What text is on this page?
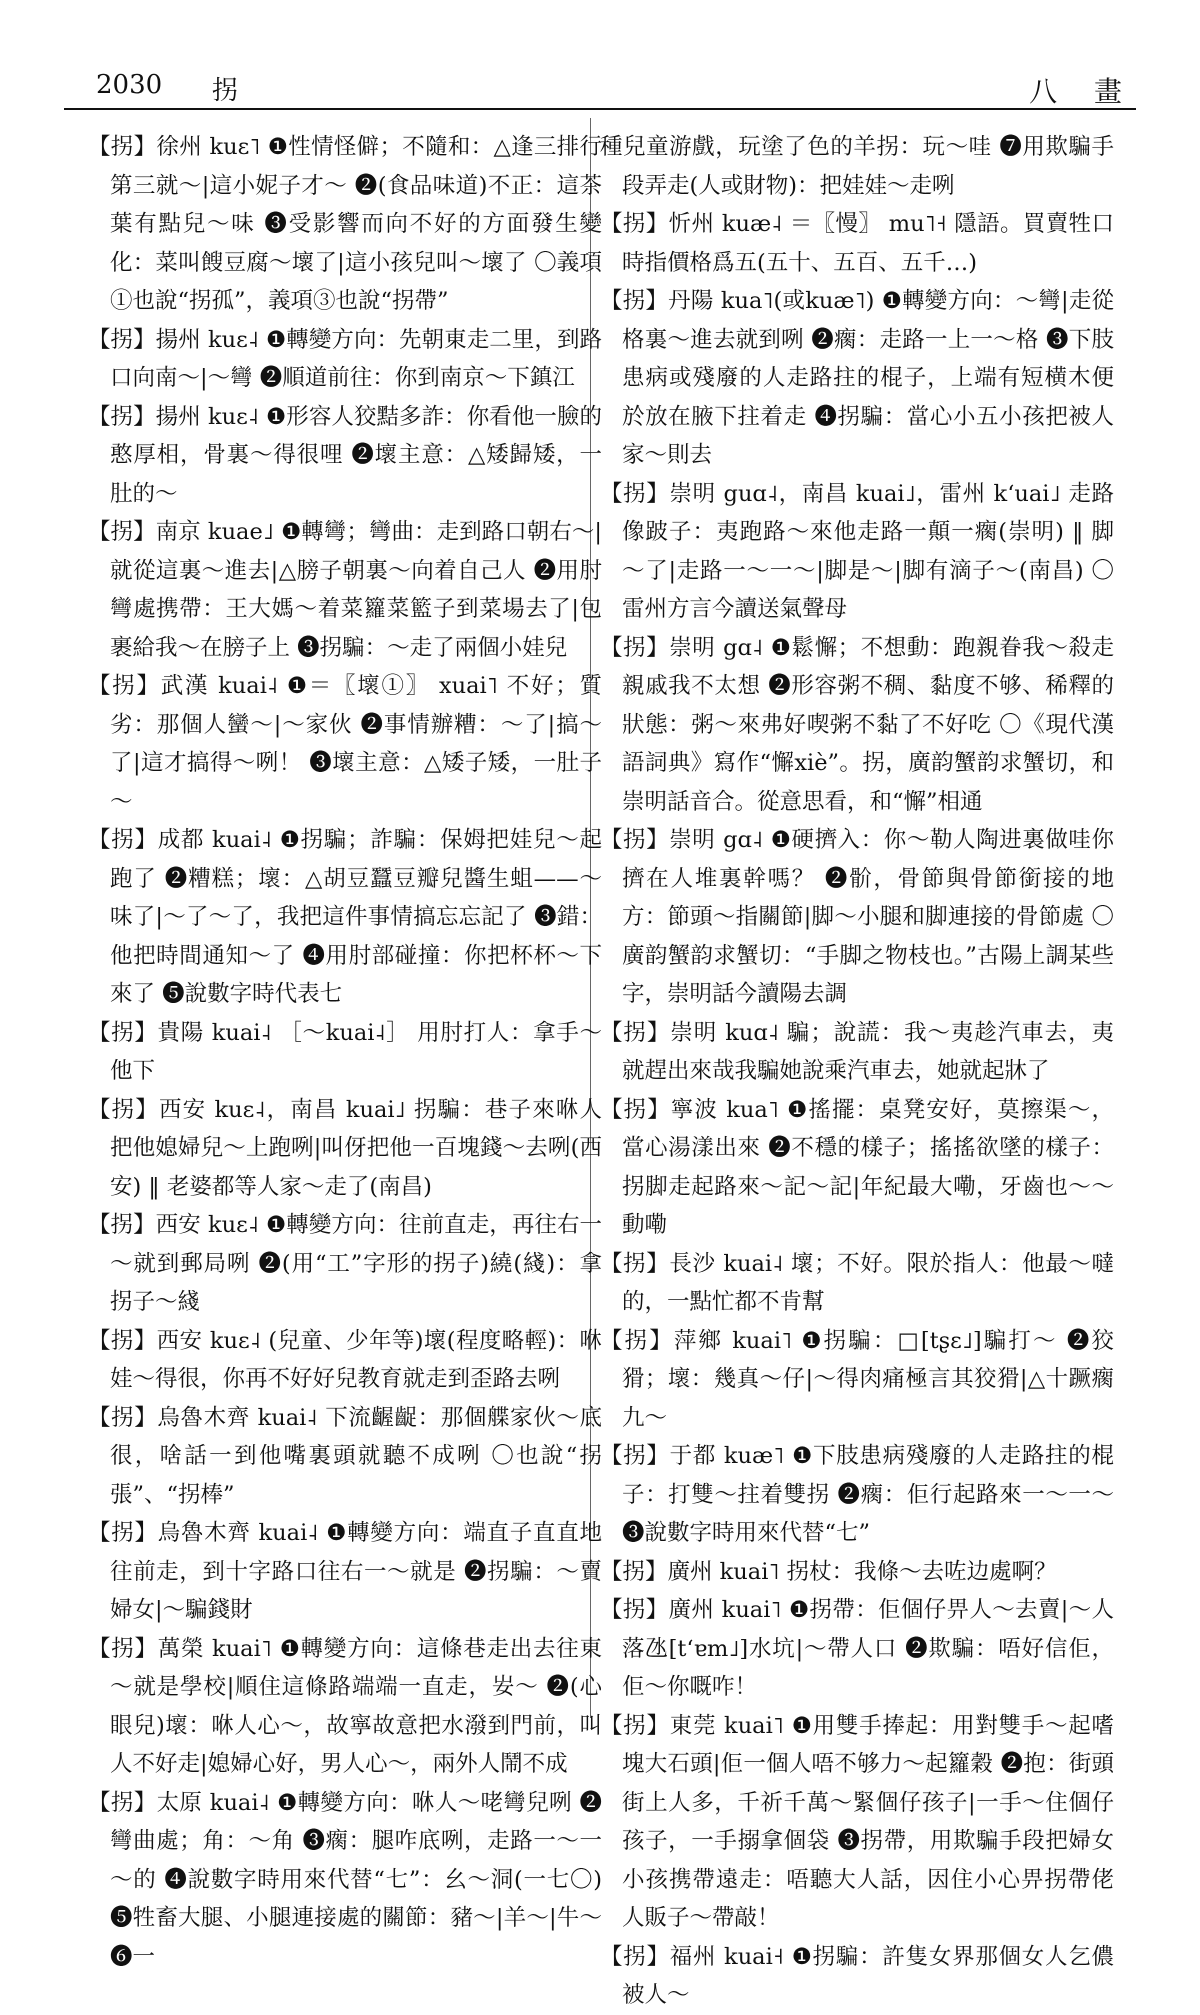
2030 拐	八 畫
【拐】徐州 kuɛ˥ ❶性情怪僻；不隨和：△逢三排行第三就～|這小妮子才～ ❷(食品味道)不正：這茶葉有點兒～味 ❸受影響而向不好的方面發生變化：菜叫餿豆腐～壞了|這小孩兒叫～壞了 〇義項①也說“拐孤”，義項③也說“拐帶”
【拐】揚州 kuɛ˨ ❶轉變方向：先朝東走二里，到路口向南～|～彎 ❷順道前往：你到南京～下鎮江
【拐】揚州 kuɛ˨ ❶形容人狡黠多詐：你看他一臉的憨厚相，骨裏～得很哩 ❷壞主意：△矮歸矮，一肚的～
【拐】南京 kuae˩ ❶轉彎；彎曲：走到路口朝右～|就從這裏～進去|△膀子朝裏～向着自己人 ❷用肘彎處携帶：王大媽～着菜籮菜籃子到菜場去了|包裹給我～在膀子上 ❸拐騙：～走了兩個小娃兒
【拐】武漢 kuai˨ ❶＝〖壞①〗 xuai˥ 不好；質劣：那個人蠻～|～家伙 ❷事情辦糟：～了|搞～了|這才搞得～咧！ ❸壞主意：△矮子矮，一肚子～
【拐】成都 kuai˨ ❶拐騙；詐騙：保姆把娃兒～起跑了 ❷糟糕；壞：△胡豆蠶豆瓣兒醬生蛆——～味了|～了～了，我把這件事情搞忘忘記了 ❸錯：他把時間通知～了 ❹用肘部碰撞：你把杯杯～下來了 ❺說數字時代表七
【拐】貴陽 kuai˨ ［～kuai˨］ 用肘打人：拿手～他下
【拐】西安 kuɛ˨，南昌 kuai˩ 拐騙：巷子來咻人把他媳婦兒～上跑咧|叫伢把他一百塊錢～去咧(西安) ‖ 老婆都等人家～走了(南昌)
【拐】西安 kuɛ˨ ❶轉變方向：往前直走，再往右一～就到郵局咧 ❷(用“工”字形的拐子)繞(綫)：拿拐子～綫
【拐】西安 kuɛ˨ (兒童、少年等)壞(程度略輕)：咻娃～得很，你再不好好兒教育就走到歪路去咧
【拐】烏魯木齊 kuai˨ 下流齷齪：那個艓家伙～底很，啥話一到他嘴裏頭就聽不成咧 〇也說“拐張”、“拐棒”
【拐】烏魯木齊 kuai˨ ❶轉變方向：端直子直直地往前走，到十字路口往右一～就是 ❷拐騙：～賣婦女|～騙錢財
【拐】萬榮 kuai˥ ❶轉變方向：這條巷走出去往東～就是學校|順住這條路端端一直走，𡚴～ ❷(心眼兒)壞：咻人心～，故寧故意把水潑到門前，叫人不好走|媳婦心好，男人心～，兩外人鬧不成
【拐】太原 kuai˨ ❶轉變方向：咻人～咾彎兒咧 ❷彎曲處；角：～角 ❸瘸：腿咋底咧，走路一～一～的 ❹說數字時用來代替“七”：幺～洞(一七〇) ❺牲畜大腿、小腿連接處的關節：豬～|羊～|牛～ ❻一
種兒童游戲，玩塗了色的羊拐：玩～哇 ❼用欺騙手段弄走(人或財物)：把娃娃～走咧
【拐】忻州 kuæ˨ ＝〖慢〗 mu˥˧ 隱語。買賣牲口時指價格爲五(五十、五百、五千…)
【拐】丹陽 kua˥(或kuæ˥) ❶轉變方向：～彎|走從格裏～進去就到咧 ❷瘸：走路一上一～格 ❸下肢患病或殘廢的人走路拄的棍子，上端有短横木便於放在腋下拄着走 ❹拐騙：當心小五小孩把被人家～則去
【拐】崇明 guɑ˨，南昌 kuai˩，雷州 kʻuai˩ 走路像跛子：夷跑路～來他走路一顛一瘸(崇明) ‖ 脚～了|走路一～一～|脚是～|脚有滴子～(南昌) 〇雷州方言今讀送氣聲母
【拐】崇明 gɑ˨ ❶鬆懈；不想動：跑親眷我～殺走親戚我不太想 ❷形容粥不稠、黏度不够、稀釋的狀態：粥～來弗好喫粥不黏了不好吃 〇《現代漢語詞典》寫作“懈xiè”。拐，廣韵蟹韵求蟹切，和崇明話音合。從意思看，和“懈”相通
【拐】崇明 gɑ˨ ❶硬擠入：你～勒人陶进裏做哇你擠在人堆裏幹嗎？ ❷骱，骨節與骨節銜接的地方：節頭～指關節|脚～小腿和脚連接的骨節處 〇廣韵蟹韵求蟹切：“手脚之物枝也。”古陽上調某些字，崇明話今讀陽去調
【拐】崇明 kuɑ˨ 騙；說謊：我～夷趁汽車去，夷就趕出來哉我騙她說乘汽車去，她就起牀了
【拐】寧波 kua˥ ❶搖擺：桌凳安好，莫擦渠～，當心湯漾出來 ❷不穩的樣子；搖搖欲墜的樣子：拐脚走起路來～記～記|年紀最大嘞，牙齒也～～動嘞
【拐】長沙 kuai˨ 壞；不好。限於指人：他最～噠的，一點忙都不肯幫
【拐】萍鄉 kuai˥ ❶拐騙：□[tʂɛ˩]騙打～ ❷狡猾；壞：幾真～仔|～得肉痛極言其狡猾|△十蹶瘸九～
【拐】于都 kuæ˥ ❶下肢患病殘廢的人走路拄的棍子：打雙～拄着雙拐 ❷瘸：佢行起路來一～一～ ❸說數字時用來代替“七”
【拐】廣州 kuai˥ 拐杖：我條～去咗边處啊？
【拐】廣州 kuai˥ ❶拐帶：佢個仔畀人～去賣|～人落氹[tʻɐm˩]水坑|～帶人口 ❷欺騙：唔好信佢，佢～你嘅咋！
【拐】東莞 kuai˥ ❶用雙手捧起：用對雙手～起嗜塊大石頭|佢一個人唔不够力～起籮穀 ❷抱：街頭街上人多，千祈千萬～緊個仔孩子|一手～住個仔孩子，一手搦拿個袋 ❸拐帶，用欺騙手段把婦女小孩携帶遠走：唔聽大人話，因住小心畀拐帶佬人販子～帶敲！
【拐】福州 kuai˧ ❶拐騙：許隻女界那個女人乞儂被人～
